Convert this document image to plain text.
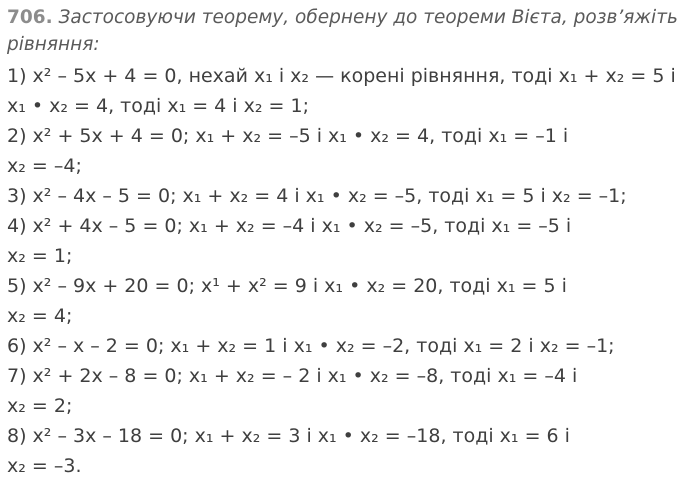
706. Застосовуючи теорему, обернену до теореми Вієта, розв’яжіть
рівняння:
1) x² – 5x + 4 = 0, нехай x₁ і x₂ — корені рівняння, тоді x₁ + x₂ = 5 і
x₁ • x₂ = 4, тоді x₁ = 4 і x₂ = 1;
2) x² + 5x + 4 = 0; x₁ + x₂ = –5 і x₁ • x₂ = 4, тоді x₁ = –1 і
x₂ = –4;
3) x² – 4x – 5 = 0; x₁ + x₂ = 4 і x₁ • x₂ = –5, тоді x₁ = 5 і x₂ = –1;
4) x² + 4x – 5 = 0; x₁ + x₂ = –4 і x₁ • x₂ = –5, тоді x₁ = –5 і
x₂ = 1;
5) x² – 9x + 20 = 0; x¹ + x² = 9 і x₁ • x₂ = 20, тоді x₁ = 5 і
x₂ = 4;
6) x² – x – 2 = 0; x₁ + x₂ = 1 і x₁ • x₂ = –2, тоді x₁ = 2 і x₂ = –1;
7) x² + 2x – 8 = 0; x₁ + x₂ = – 2 і x₁ • x₂ = –8, тоді x₁ = –4 і
x₂ = 2;
8) x² – 3x – 18 = 0; x₁ + x₂ = 3 і x₁ • x₂ = –18, тоді x₁ = 6 і
x₂ = –3.
